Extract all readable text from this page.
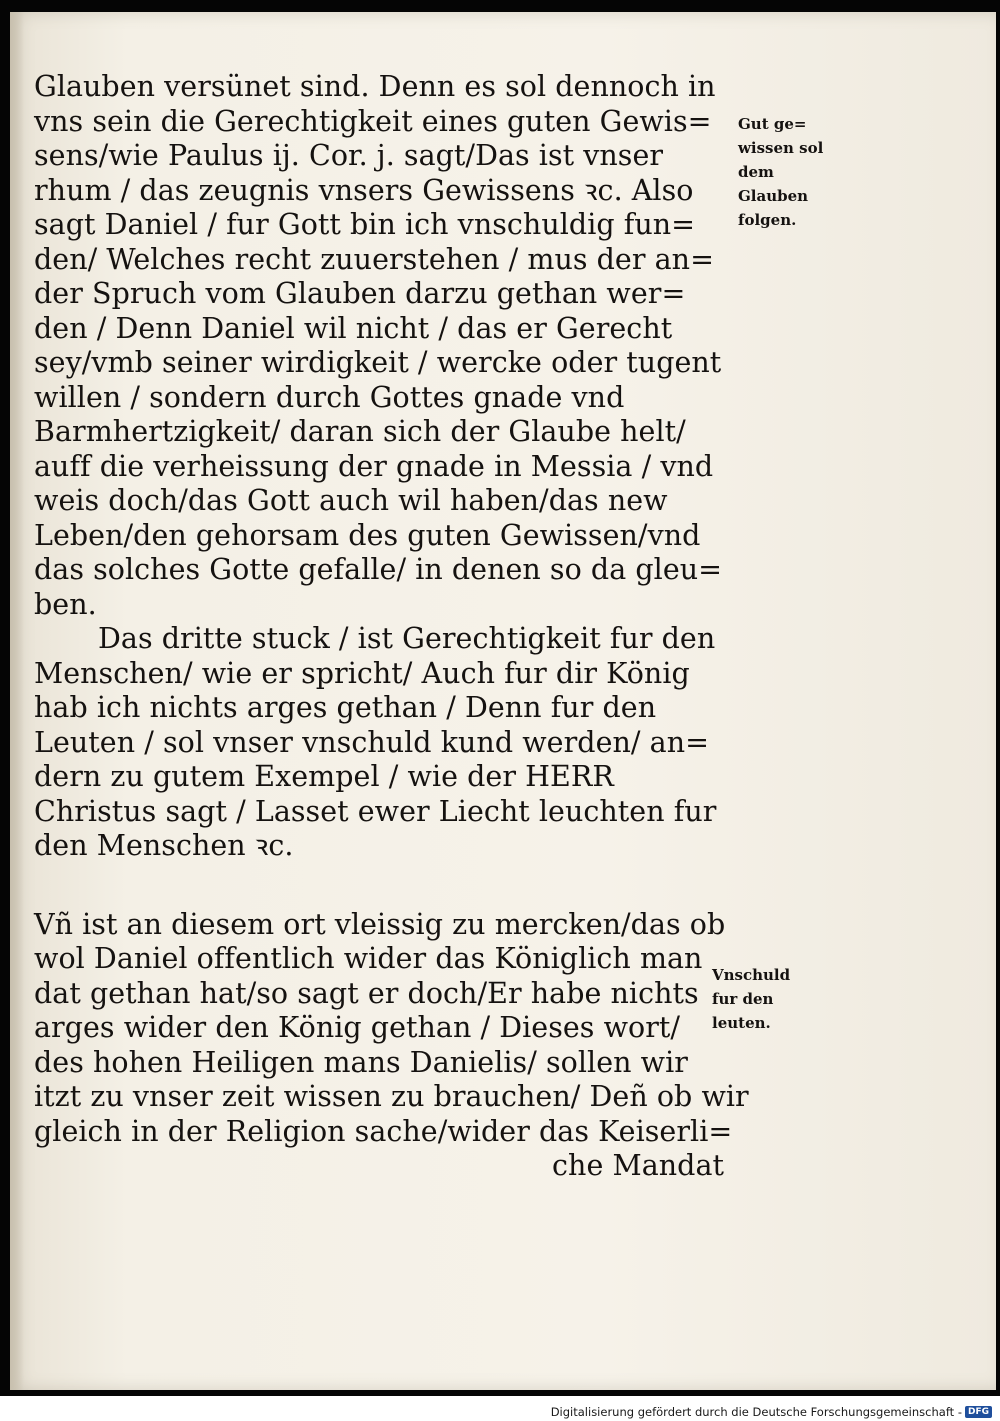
Glauben versünet sind. Denn es sol dennoch in
vns sein die Gerechtigkeit eines guten Gewis=
sens/wie Paulus ij. Cor. j. sagt/Das ist vnser
rhum / das zeugnis vnsers Gewissens ꝛc. Also
sagt Daniel / fur Gott bin ich vnschuldig fun=
den/ Welches recht zuuerstehen / mus der an=
der Spruch vom Glauben darzu gethan wer=
den / Denn Daniel wil nicht / das er Gerecht
sey/vmb seiner wirdigkeit / wercke oder tugent
willen / sondern durch Gottes gnade vnd
Barmhertzigkeit/ daran sich der Glaube helt/
auff die verheissung der gnade in Messia / vnd
weis doch/das Gott auch wil haben/das new
Leben/den gehorsam des guten Gewissen/vnd
das solches Gotte gefalle/ in denen so da gleu=
ben.
Das dritte stuck / ist Gerechtigkeit fur den
Menschen/ wie er spricht/ Auch fur dir König
hab ich nichts arges gethan / Denn fur den
Leuten / sol vnser vnschuld kund werden/ an=
dern zu gutem Exempel / wie der HERR
Christus sagt / Lasset ewer Liecht leuchten fur
den Menschen ꝛc.
Vñ ist an diesem ort vleissig zu mercken/das ob
wol Daniel offentlich wider das Königlich man
dat gethan hat/so sagt er doch/Er habe nichts
arges wider den König gethan / Dieses wort/
des hohen Heiligen mans Danielis/ sollen wir
itzt zu vnser zeit wissen zu brauchen/ Deñ ob wir
gleich in der Religion sache/wider das Keiserli=
che Mandat
Gut ge=
wissen sol
dem
Glauben
folgen.
Vnschuld
fur den
leuten.
Digitalisierung gefördert durch die Deutsche Forschungsgemeinschaft - DFG
